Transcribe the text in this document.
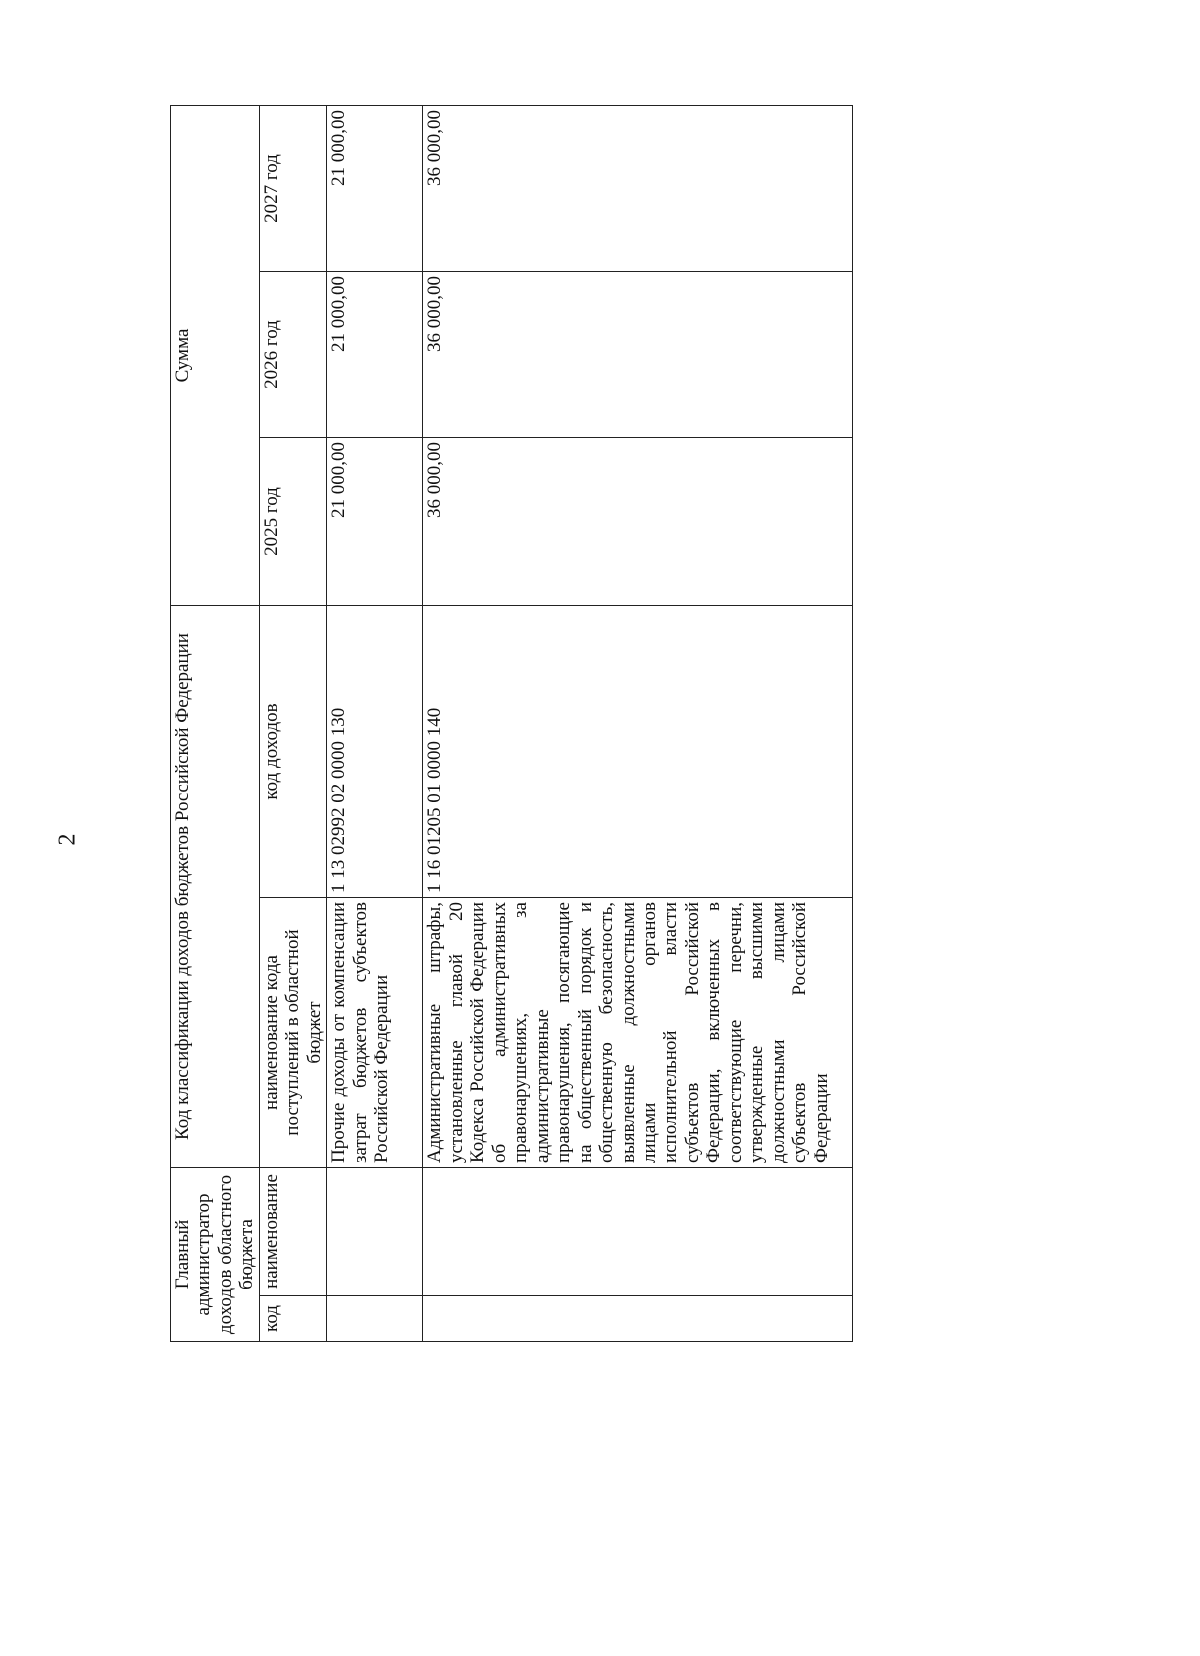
2
Главный администратор доходов областного бюджета		Код классификации доходов бюджетов Российской Федерации		Сумма		
код	наименование	наименование кода поступлений в областной бюджет	код доходов	2025 год	2026 год	2027 год
		Прочие доходы от компенсации затрат бюджетов субъектов Российской Федерации	1 13 02992 02 0000 130	21 000,00	21 000,00	21 000,00
		Административные штрафы, установленные главой 20 Кодекса Российской Федерации об административных правонарушениях, за административные правонарушения, посягающие на общественный порядок и общественную безопасность, выявленные должностными лицами органов исполнительной власти субъектов Российской Федерации, включенных в соответствующие перечни, утвержденные высшими должностными лицами субъектов Российской Федерации	1 16 01205 01 0000 140	36 000,00	36 000,00	36 000,00
